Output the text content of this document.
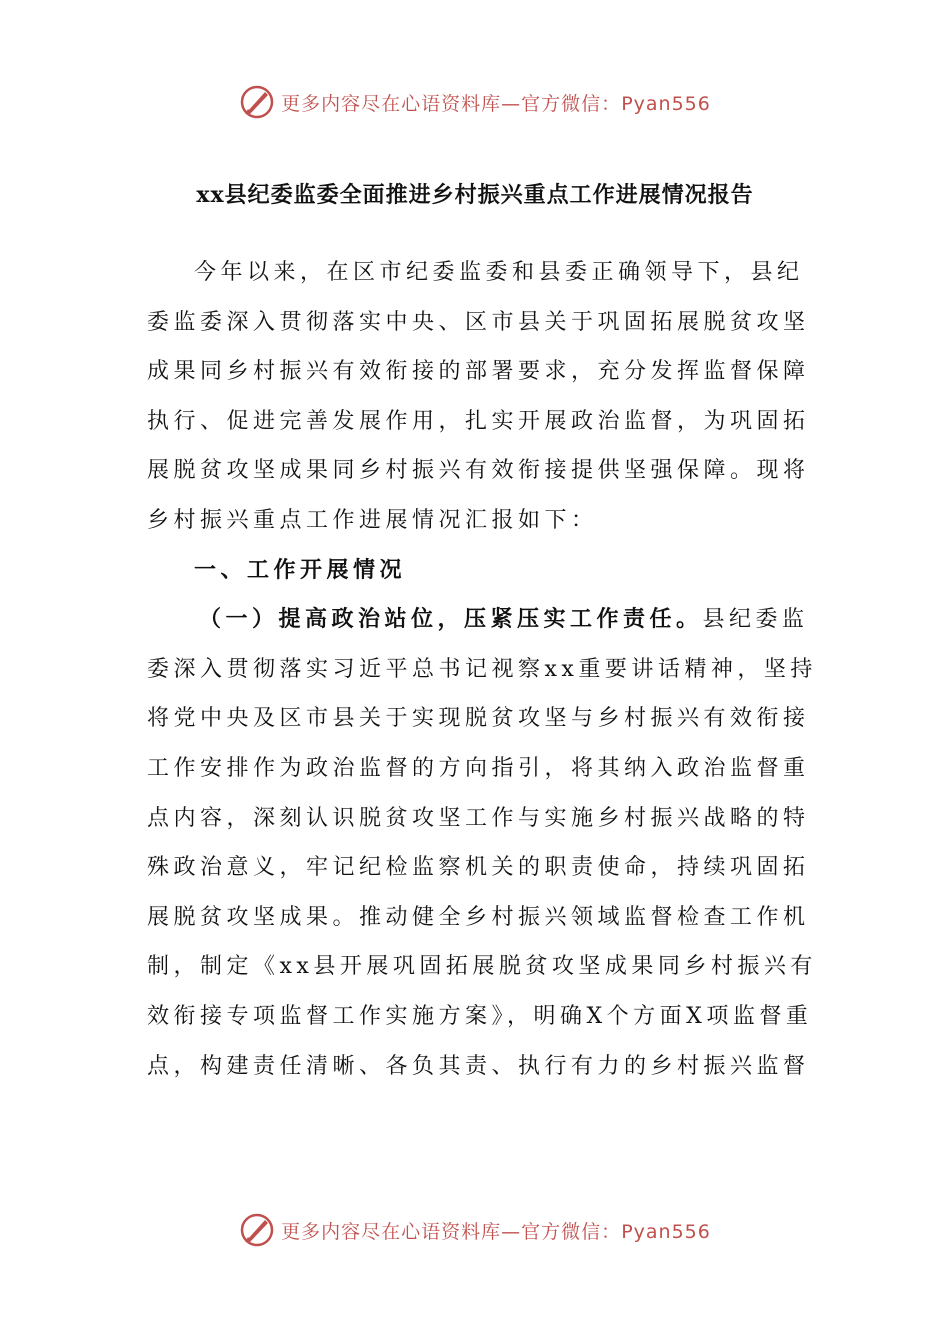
更多内容尽在心语资料库—官方微信：Pyan556
xx县纪委监委全面推进乡村振兴重点工作进展情况报告
今年以来，在区市纪委监委和县委正确领导下，县纪
委监委深入贯彻落实中央、区市县关于巩固拓展脱贫攻坚
成果同乡村振兴有效衔接的部署要求，充分发挥监督保障
执行、促进完善发展作用，扎实开展政治监督，为巩固拓
展脱贫攻坚成果同乡村振兴有效衔接提供坚强保障。现将
乡村振兴重点工作进展情况汇报如下：
一、工作开展情况
（一）提高政治站位，压紧压实工作责任。县纪委监
委深入贯彻落实习近平总书记视察xx重要讲话精神，坚持
将党中央及区市县关于实现脱贫攻坚与乡村振兴有效衔接
工作安排作为政治监督的方向指引，将其纳入政治监督重
点内容，深刻认识脱贫攻坚工作与实施乡村振兴战略的特
殊政治意义，牢记纪检监察机关的职责使命，持续巩固拓
展脱贫攻坚成果。推动健全乡村振兴领域监督检查工作机
制，制定《xx县开展巩固拓展脱贫攻坚成果同乡村振兴有
效衔接专项监督工作实施方案》，明确X个方面X项监督重
点，构建责任清晰、各负其责、执行有力的乡村振兴监督
更多内容尽在心语资料库—官方微信：Pyan556
